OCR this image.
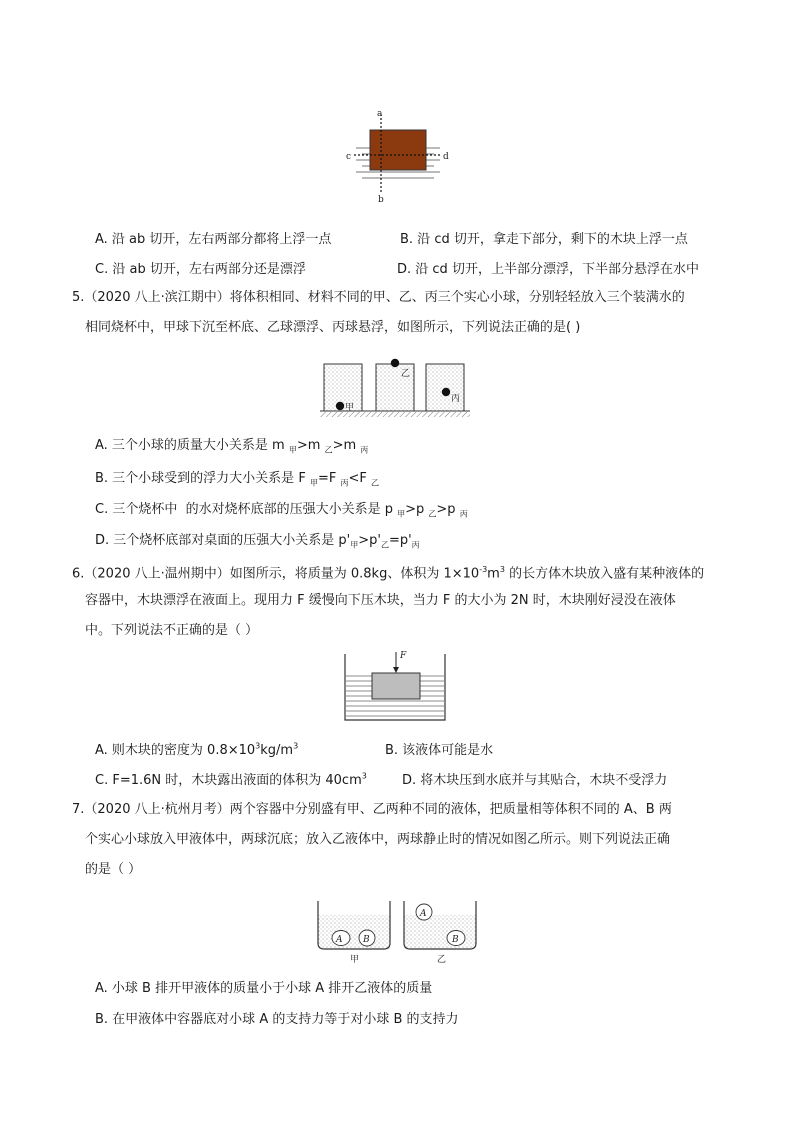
a
b
c	d
A. 沿 ab 切开，左右两部分都将上浮一点	B. 沿 cd 切开，拿走下部分，剩下的木块上浮一点
C. 沿 ab 切开，左右两部分还是漂浮	D. 沿 cd 切开，上半部分漂浮，下半部分悬浮在水中
5.（2020 八上·滨江期中）将体积相同、材料不同的甲、乙、丙三个实心小球，分别轻轻放入三个装满水的
相同烧杯中，甲球下沉至杯底、乙球漂浮、丙球悬浮，如图所示，下列说法正确的是( )
甲
乙
丙
A. 三个小球的质量大小关系是 m $_甲$>m $_乙$>m $_丙$
B. 三个小球受到的浮力大小关系是 F $_甲$=F $_丙$<F $_乙$
C. 三个烧杯中  的水对烧杯底部的压强大小关系是 p $_甲$>p $_乙$>p $_丙$
D. 三个烧杯底部对桌面的压强大小关系是 $p'_甲>p'_乙=p'_丙$
6.（2020 八上·温州期中）如图所示，将质量为 0.8kg、体积为 $1\times 10^{-3}m^3$ 的长方体木块放入盛有某种液体的
容器中，木块漂浮在液面上。现用力 F 缓慢向下压木块，当力 F 的大小为 2N 时，木块刚好浸没在液体
中。下列说法不正确的是（ ）
F
A. 则木块的密度为 $0.8\times 10^3kg/m^3$	B. 该液体可能是水
C. F=1.6N 时，木块露出液面的体积为 $40cm^3$	D. 将木块压到水底并与其贴合，木块不受浮力
7.（2020 八上·杭州月考）两个容器中分别盛有甲、乙两种不同的液体，把质量相等体积不同的 A、B 两
个实心小球放入甲液体中，两球沉底；放入乙液体中，两球静止时的情况如图乙所示。则下列说法正确
的是（ ）
A B
A
B
甲	乙
A. 小球 B 排开甲液体的质量小于小球 A 排开乙液体的质量
B. 在甲液体中容器底对小球 A 的支持力等于对小球 B 的支持力
